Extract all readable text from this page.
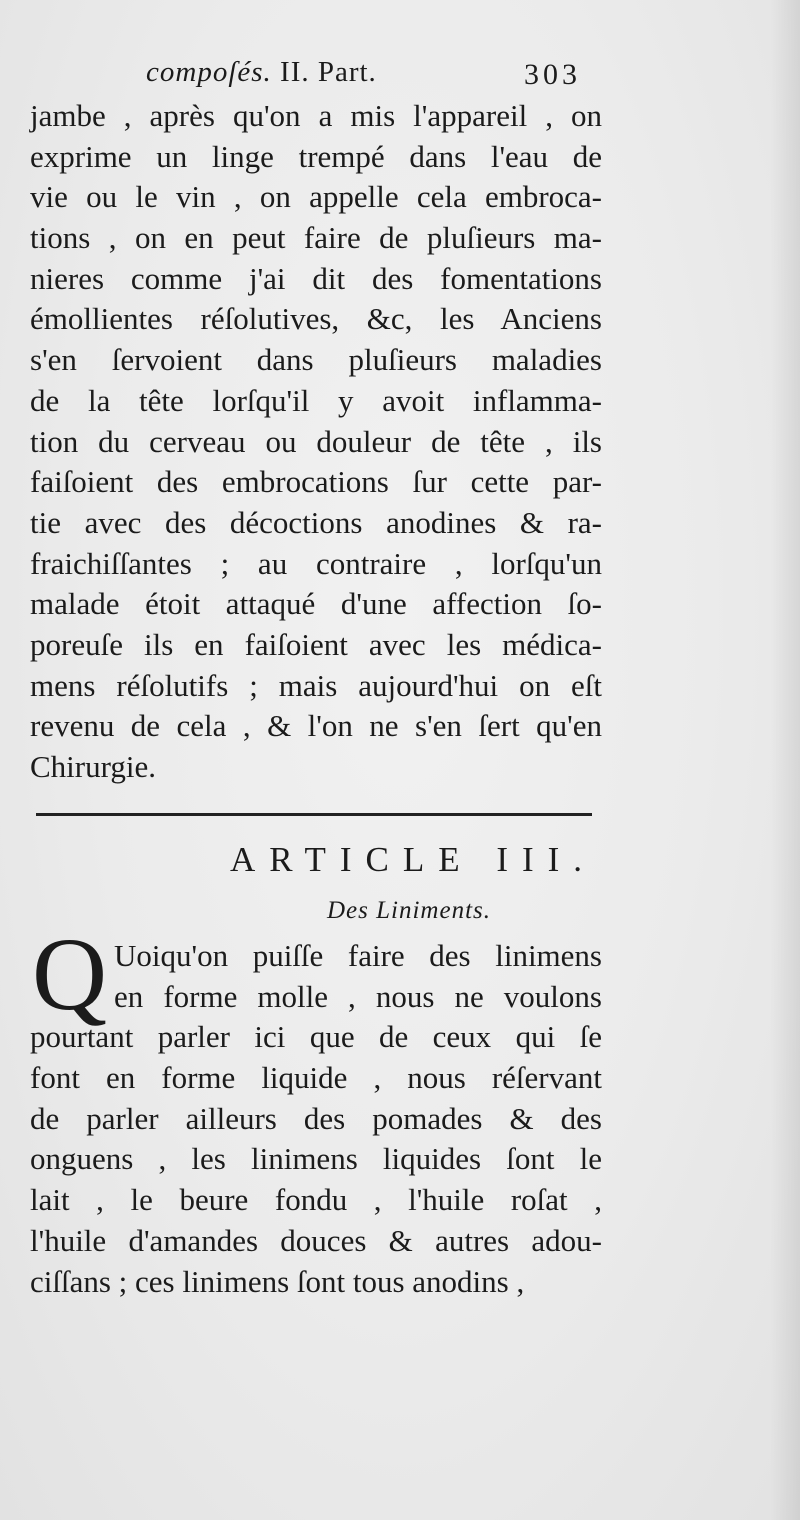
compoſés. II. Part.	303
jambe , après qu'on a mis l'appareil , on
exprime un linge trempé dans l'eau de
vie ou le vin , on appelle cela embroca-
tions , on en peut faire de pluſieurs ma-
nieres comme j'ai dit des fomentations
émollientes réſolutives, &c, les Anciens
s'en ſervoient dans pluſieurs maladies
de la tête lorſqu'il y avoit inflamma-
tion du cerveau ou douleur de tête , ils
faiſoient des embrocations ſur cette par-
tie avec des décoctions anodines & ra-
fraichiſſantes ; au contraire , lorſqu'un
malade étoit attaqué d'une affection ſo-
poreuſe ils en faiſoient avec les médica-
mens réſolutifs ; mais aujourd'hui on eſt
revenu de cela , & l'on ne s'en ſert qu'en
Chirurgie.
ARTICLE III.
Des Liniments.
Q Uoiqu'on puiſſe faire des linimens
en forme molle , nous ne voulons
pourtant parler ici que de ceux qui ſe
font en forme liquide , nous réſervant
de parler ailleurs des pomades & des
onguens , les linimens liquides ſont le
lait , le beure fondu , l'huile roſat ,
l'huile d'amandes douces & autres adou-
ciſſans ; ces linimens ſont tous anodins ,
